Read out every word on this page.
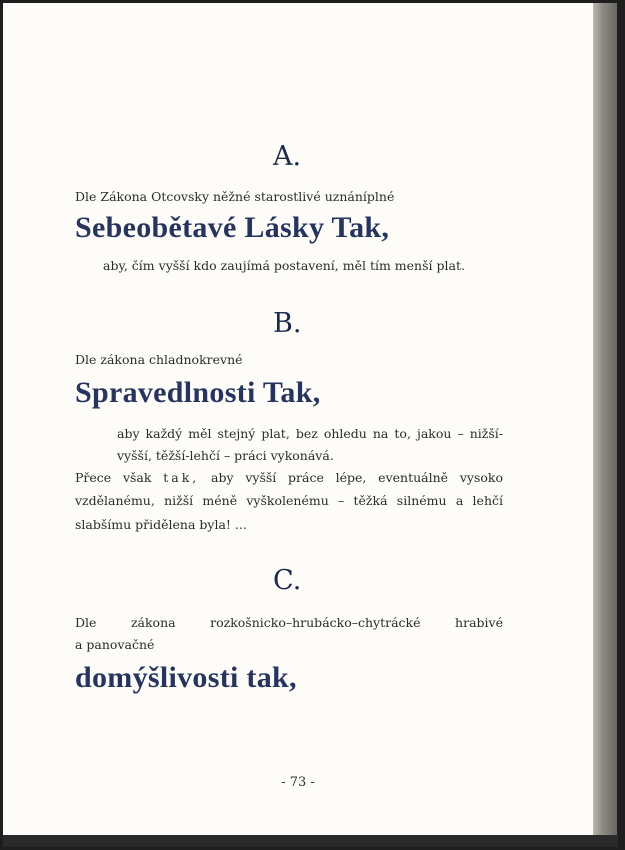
A.
Dle Zákona Otcovsky něžné starostlivé uznáníplné
Sebeobětavé Lásky Tak,
aby, čím vyšší kdo zaujímá postavení, měl tím menší plat.
B.
Dle zákona chladnokrevné
Spravedlnosti Tak,
aby každý měl stejný plat, bez ohledu na to, jakou – nižší-
vyšší, těžší-lehčí – práci vykonává.
Přece však tak, aby vyšší práce lépe, eventuálně vysoko
vzdělanému, nižší méně vyškolenému – těžká silnému a lehčí
slabšímu přidělena byla! ...
C.
Dle zákona rozkošnicko–hrubácko–chytrácké hrabivé
a panovačné
domýšlivosti tak,
- 73 -
